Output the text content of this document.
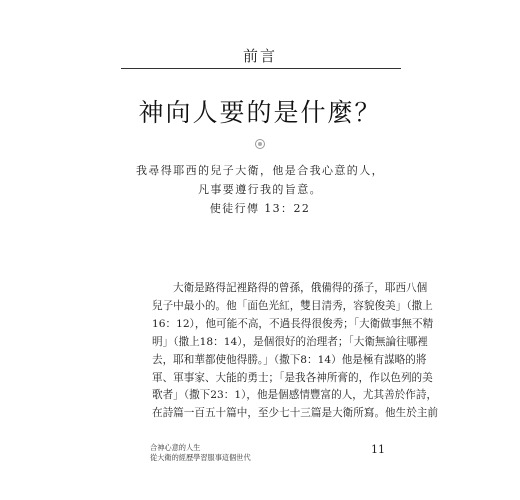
前言
神向人要的是什麼？
我尋得耶西的兒子大衛，他是合我心意的人，
凡事要遵行我的旨意。
使徒行傳 13：22
大衛是路得記裡路得的曾孫，俄備得的孫子，耶西八個
兒子中最小的。他「面色光紅，雙目清秀，容貌俊美」（撒上
16：12），他可能不高，不過長得很俊秀；「大衛做事無不精
明」（撒上18：14），是個很好的治理者；「大衛無論往哪裡
去，耶和華都使他得勝。」（撒下8：14）他是極有謀略的將
軍、軍事家、大能的勇士；「是我各神所膏的，作以色列的美
歌者」（撒下23：1），他是個感情豐富的人，尤其善於作詩，
在詩篇一百五十篇中，至少七十三篇是大衛所寫。他生於主前
合神心意的人生
從大衛的經歷學習服事這個世代
11
